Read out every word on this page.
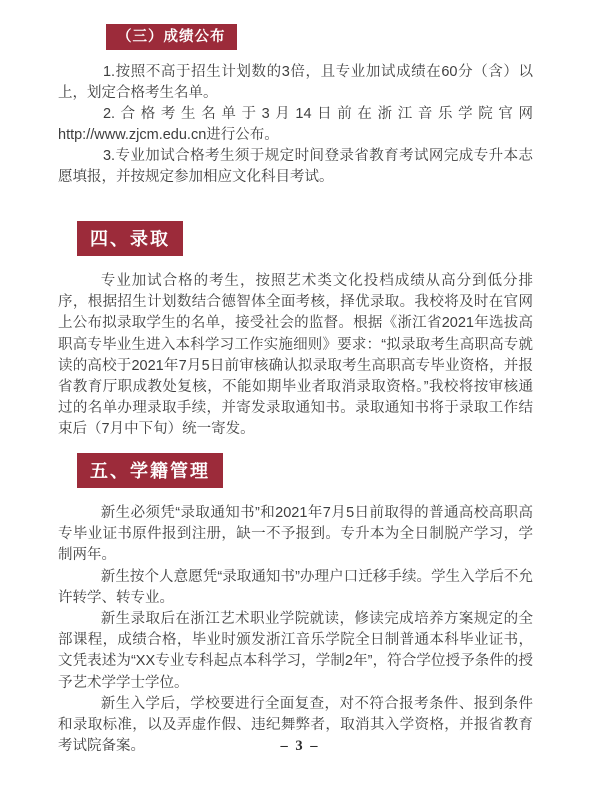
（三）成绩公布

1.按照不高于招生计划数的3倍，且专业加试成绩在60分（含）以上，划定合格考生名单。

2.合格考生名单于3月14日前在浙江音乐学院官网 http://www.zjcm.edu.cn进行公布。

3.专业加试合格考生须于规定时间登录省教育考试网完成专升本志愿填报，并按规定参加相应文化科目考试。

四、录取

专业加试合格的考生，按照艺术类文化投档成绩从高分到低分排序，根据招生计划数结合德智体全面考核，择优录取。我校将及时在官网上公布拟录取学生的名单，接受社会的监督。根据《浙江省2021年选拔高职高专毕业生进入本科学习工作实施细则》要求：“拟录取考生高职高专就读的高校于2021年7月5日前审核确认拟录取考生高职高专毕业资格，并报省教育厅职成教处复核，不能如期毕业者取消录取资格。”我校将按审核通过的名单办理录取手续，并寄发录取通知书。录取通知书将于录取工作结束后（7月中下旬）统一寄发。

五、学籍管理

新生必须凭“录取通知书”和2021年7月5日前取得的普通高校高职高专毕业证书原件报到注册，缺一不予报到。专升本为全日制脱产学习，学制两年。

新生按个人意愿凭“录取通知书”办理户口迁移手续。学生入学后不允许转学、转专业。

新生录取后在浙江艺术职业学院就读，修读完成培养方案规定的全部课程，成绩合格，毕业时颁发浙江音乐学院全日制普通本科毕业证书，文凭表述为“XX专业专科起点本科学习，学制2年”，符合学位授予条件的授予艺术学学士学位。

新生入学后，学校要进行全面复查，对不符合报考条件、报到条件和录取标准，以及弄虚作假、违纪舞弊者，取消其入学资格，并报省教育考试院备案。	– 3 –
